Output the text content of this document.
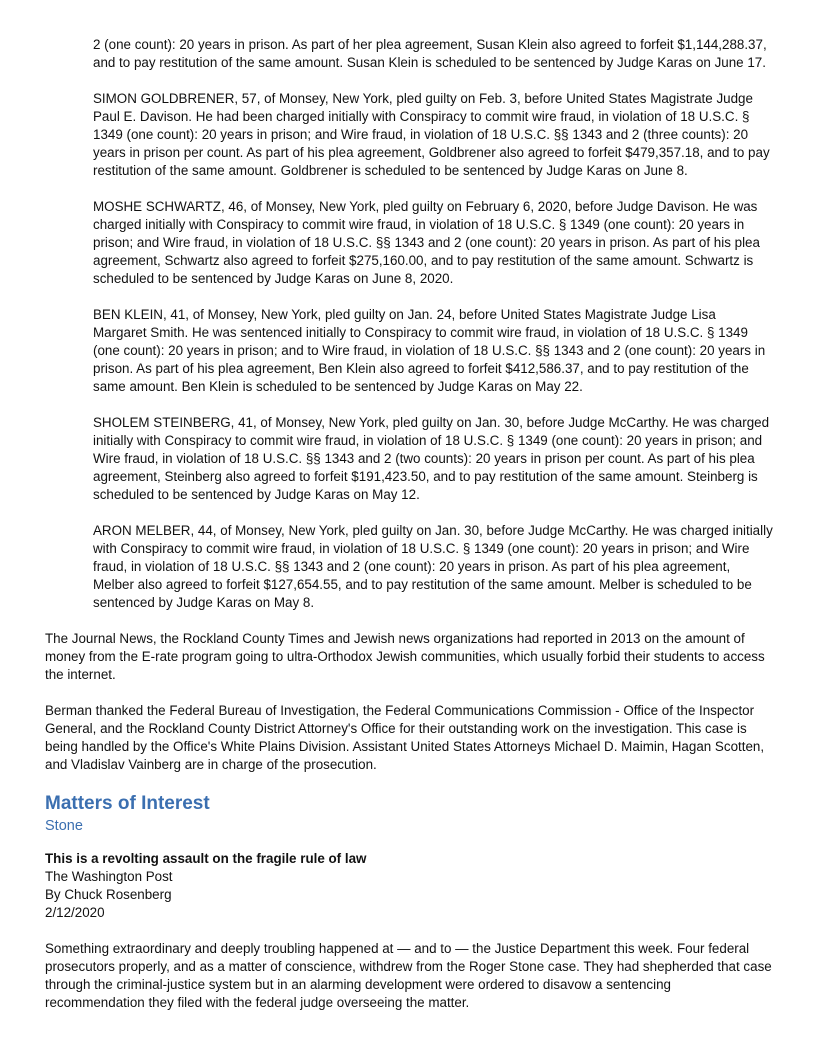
2 (one count): 20 years in prison. As part of her plea agreement, Susan Klein also agreed to forfeit $1,144,288.37, and to pay restitution of the same amount. Susan Klein is scheduled to be sentenced by Judge Karas on June 17.

SIMON GOLDBRENER, 57, of Monsey, New York, pled guilty on Feb. 3, before United States Magistrate Judge Paul E. Davison. He had been charged initially with Conspiracy to commit wire fraud, in violation of 18 U.S.C. § 1349 (one count): 20 years in prison; and Wire fraud, in violation of 18 U.S.C. §§ 1343 and 2 (three counts): 20 years in prison per count. As part of his plea agreement, Goldbrener also agreed to forfeit $479,357.18, and to pay restitution of the same amount. Goldbrener is scheduled to be sentenced by Judge Karas on June 8.

MOSHE SCHWARTZ, 46, of Monsey, New York, pled guilty on February 6, 2020, before Judge Davison. He was charged initially with Conspiracy to commit wire fraud, in violation of 18 U.S.C. § 1349 (one count): 20 years in prison; and Wire fraud, in violation of 18 U.S.C. §§ 1343 and 2 (one count): 20 years in prison. As part of his plea agreement, Schwartz also agreed to forfeit $275,160.00, and to pay restitution of the same amount. Schwartz is scheduled to be sentenced by Judge Karas on June 8, 2020.

BEN KLEIN, 41, of Monsey, New York, pled guilty on Jan. 24, before United States Magistrate Judge Lisa Margaret Smith. He was sentenced initially to Conspiracy to commit wire fraud, in violation of 18 U.S.C. § 1349 (one count): 20 years in prison; and to Wire fraud, in violation of 18 U.S.C. §§ 1343 and 2 (one count): 20 years in prison. As part of his plea agreement, Ben Klein also agreed to forfeit $412,586.37, and to pay restitution of the same amount. Ben Klein is scheduled to be sentenced by Judge Karas on May 22.

SHOLEM STEINBERG, 41, of Monsey, New York, pled guilty on Jan. 30, before Judge McCarthy. He was charged initially with Conspiracy to commit wire fraud, in violation of 18 U.S.C. § 1349 (one count): 20 years in prison; and Wire fraud, in violation of 18 U.S.C. §§ 1343 and 2 (two counts): 20 years in prison per count. As part of his plea agreement, Steinberg also agreed to forfeit $191,423.50, and to pay restitution of the same amount. Steinberg is scheduled to be sentenced by Judge Karas on May 12.

ARON MELBER, 44, of Monsey, New York, pled guilty on Jan. 30, before Judge McCarthy. He was charged initially with Conspiracy to commit wire fraud, in violation of 18 U.S.C. § 1349 (one count): 20 years in prison; and Wire fraud, in violation of 18 U.S.C. §§ 1343 and 2 (one count): 20 years in prison. As part of his plea agreement, Melber also agreed to forfeit $127,654.55, and to pay restitution of the same amount. Melber is scheduled to be sentenced by Judge Karas on May 8.

The Journal News, the Rockland County Times and Jewish news organizations had reported in 2013 on the amount of money from the E-rate program going to ultra-Orthodox Jewish communities, which usually forbid their students to access the internet.

Berman thanked the Federal Bureau of Investigation, the Federal Communications Commission - Office of the Inspector General, and the Rockland County District Attorney's Office for their outstanding work on the investigation. This case is being handled by the Office's White Plains Division. Assistant United States Attorneys Michael D. Maimin, Hagan Scotten, and Vladislav Vainberg are in charge of the prosecution.

Matters of Interest
Stone
This is a revolting assault on the fragile rule of law
The Washington Post
By Chuck Rosenberg
2/12/2020

Something extraordinary and deeply troubling happened at — and to — the Justice Department this week. Four federal prosecutors properly, and as a matter of conscience, withdrew from the Roger Stone case. They had shepherded that case through the criminal-justice system but in an alarming development were ordered to disavow a sentencing recommendation they filed with the federal judge overseeing the matter.
